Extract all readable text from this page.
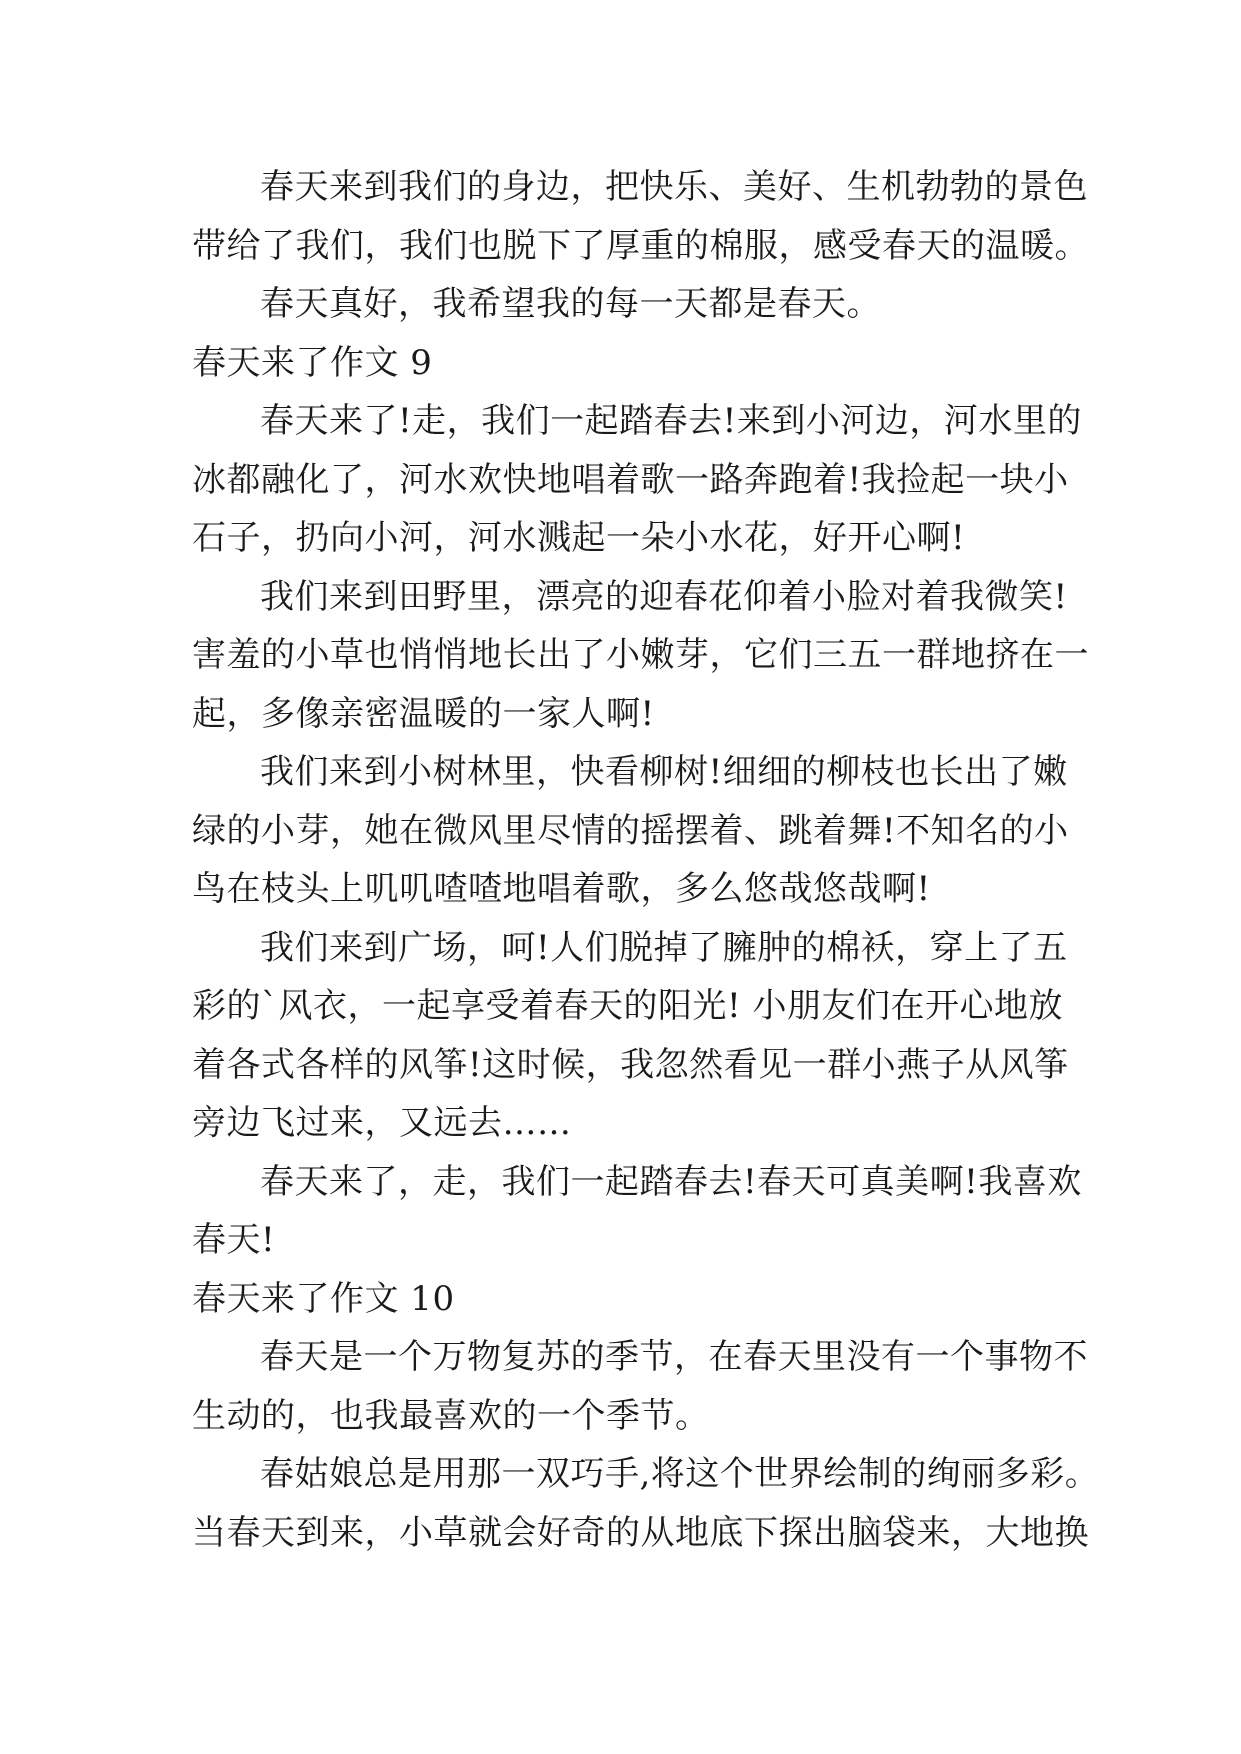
春天来到我们的身边，把快乐、美好、生机勃勃的景色
带给了我们，我们也脱下了厚重的棉服，感受春天的温暖。
春天真好，我希望我的每一天都是春天。
春天来了作文 9
春天来了!走，我们一起踏春去!来到小河边，河水里的
冰都融化了，河水欢快地唱着歌一路奔跑着!我捡起一块小
石子，扔向小河，河水溅起一朵小水花，好开心啊!
我们来到田野里，漂亮的迎春花仰着小脸对着我微笑!
害羞的小草也悄悄地长出了小嫩芽，它们三五一群地挤在一
起，多像亲密温暖的一家人啊!
我们来到小树林里，快看柳树!细细的柳枝也长出了嫩
绿的小芽，她在微风里尽情的摇摆着、跳着舞!不知名的小
鸟在枝头上叽叽喳喳地唱着歌，多么悠哉悠哉啊!
我们来到广场，呵!人们脱掉了臃肿的棉袄，穿上了五
彩的`风衣，一起享受着春天的阳光! 小朋友们在开心地放
着各式各样的风筝!这时候，我忽然看见一群小燕子从风筝
旁边飞过来，又远去……
春天来了，走，我们一起踏春去!春天可真美啊!我喜欢
春天!
春天来了作文 10
春天是一个万物复苏的季节，在春天里没有一个事物不
生动的，也我最喜欢的一个季节。
春姑娘总是用那一双巧手,将这个世界绘制的绚丽多彩。
当春天到来，小草就会好奇的从地底下探出脑袋来，大地换
